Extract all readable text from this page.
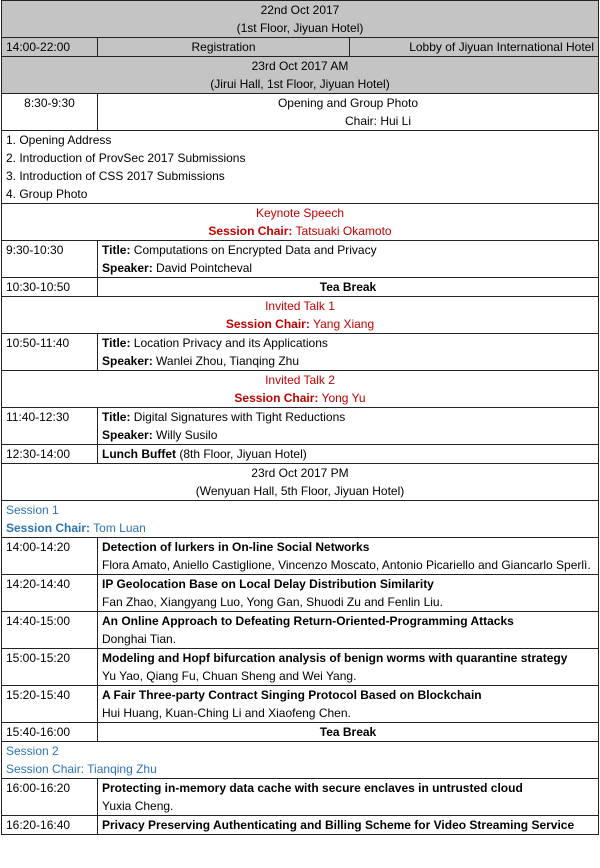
22nd Oct 2017
(1st Floor, Jiyuan Hotel)		

14:00-22:00	Registration	Lobby of Jiyuan International Hotel

23rd Oct 2017 AM
(Jirui Hall, 1st Floor, Jiyuan Hotel)		

8:30-9:30	Opening and Group Photo
Chair: Hui Li	

1. Opening Address
2. Introduction of ProvSec 2017 Submissions
3. Introduction of CSS 2017 Submissions
4. Group Photo		

Keynote Speech
Session Chair: Tatsuaki Okamoto		

9:30-10:30	Title: Computations on Encrypted Data and Privacy
Speaker: David Pointcheval	

10:30-10:50	Tea Break	

Invited Talk 1
Session Chair: Yang Xiang		

10:50-11:40	Title: Location Privacy and its Applications
Speaker: Wanlei Zhou, Tianqing Zhu	

Invited Talk 2
Session Chair: Yong Yu		

11:40-12:30	Title: Digital Signatures with Tight Reductions
Speaker: Willy Susilo	

12:30-14:00	Lunch Buffet (8th Floor, Jiyuan Hotel)	

23rd Oct 2017 PM
(Wenyuan Hall, 5th Floor, Jiyuan Hotel)		

Session 1
Session Chair: Tom Luan		

14:00-14:20	Detection of lurkers in On-line Social Networks
Flora Amato, Aniello Castiglione, Vincenzo Moscato, Antonio Picariello and Giancarlo Sperlì.	

14:20-14:40	IP Geolocation Base on Local Delay Distribution Similarity
Fan Zhao, Xiangyang Luo, Yong Gan, Shuodi Zu and Fenlin Liu.	

14:40-15:00	An Online Approach to Defeating Return-Oriented-Programming Attacks
Donghai Tian.	

15:00-15:20	Modeling and Hopf bifurcation analysis of benign worms with quarantine strategy
Yu Yao, Qiang Fu, Chuan Sheng and Wei Yang.	

15:20-15:40	A Fair Three-party Contract Singing Protocol Based on Blockchain
Hui Huang, Kuan-Ching Li and Xiaofeng Chen.	

15:40-16:00	Tea Break	

Session 2
Session Chair: Tianqing Zhu		

16:00-16:20	Protecting in-memory data cache with secure enclaves in untrusted cloud
Yuxia Cheng.	

16:20-16:40	Privacy Preserving Authenticating and Billing Scheme for Video Streaming Service	
